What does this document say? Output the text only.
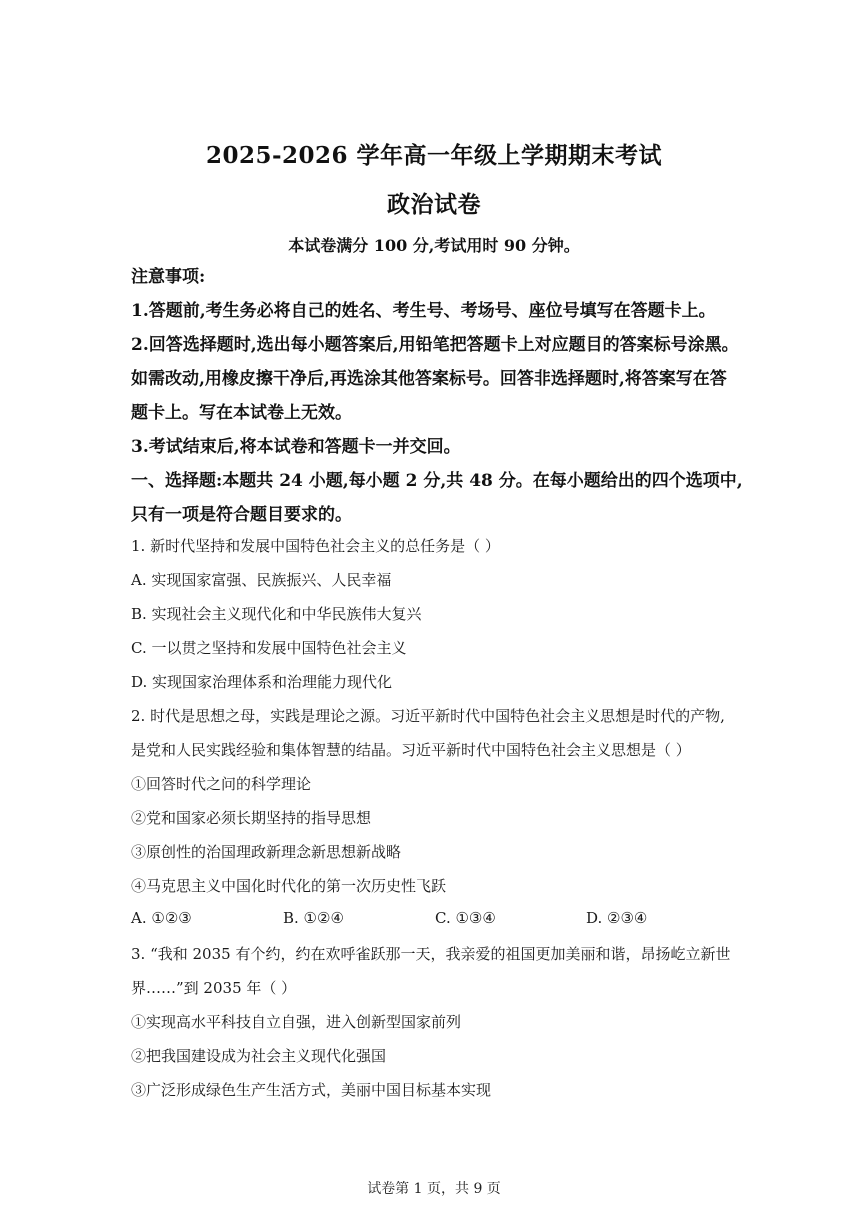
2025-2026 学年高一年级上学期期末考试
政治试卷
本试卷满分 100 分,考试用时 90 分钟。
注意事项:
1.答题前,考生务必将自己的姓名、考生号、考场号、座位号填写在答题卡上。
2.回答选择题时,选出每小题答案后,用铅笔把答题卡上对应题目的答案标号涂黑。
如需改动,用橡皮擦干净后,再选涂其他答案标号。回答非选择题时,将答案写在答
题卡上。写在本试卷上无效。
3.考试结束后,将本试卷和答题卡一并交回。
一、选择题:本题共 24 小题,每小题 2 分,共 48 分。在每小题给出的四个选项中,
只有一项是符合题目要求的。
1. 新时代坚持和发展中国特色社会主义的总任务是（ ）
A. 实现国家富强、民族振兴、人民幸福
B. 实现社会主义现代化和中华民族伟大复兴
C. 一以贯之坚持和发展中国特色社会主义
D. 实现国家治理体系和治理能力现代化
2. 时代是思想之母，实践是理论之源。习近平新时代中国特色社会主义思想是时代的产物,
是党和人民实践经验和集体智慧的结晶。习近平新时代中国特色社会主义思想是（ ）
①回答时代之问的科学理论
②党和国家必须长期坚持的指导思想
③原创性的治国理政新理念新思想新战略
④马克思主义中国化时代化的第一次历史性飞跃
A. ①②③	B. ①②④	C. ①③④	D. ②③④
3. “我和 2035 有个约，约在欢呼雀跃那一天，我亲爱的祖国更加美丽和谐，昂扬屹立新世
界……”到 2035 年（ ）
①实现高水平科技自立自强，进入创新型国家前列
②把我国建设成为社会主义现代化强国
③广泛形成绿色生产生活方式，美丽中国目标基本实现
试卷第 1 页，共 9 页
